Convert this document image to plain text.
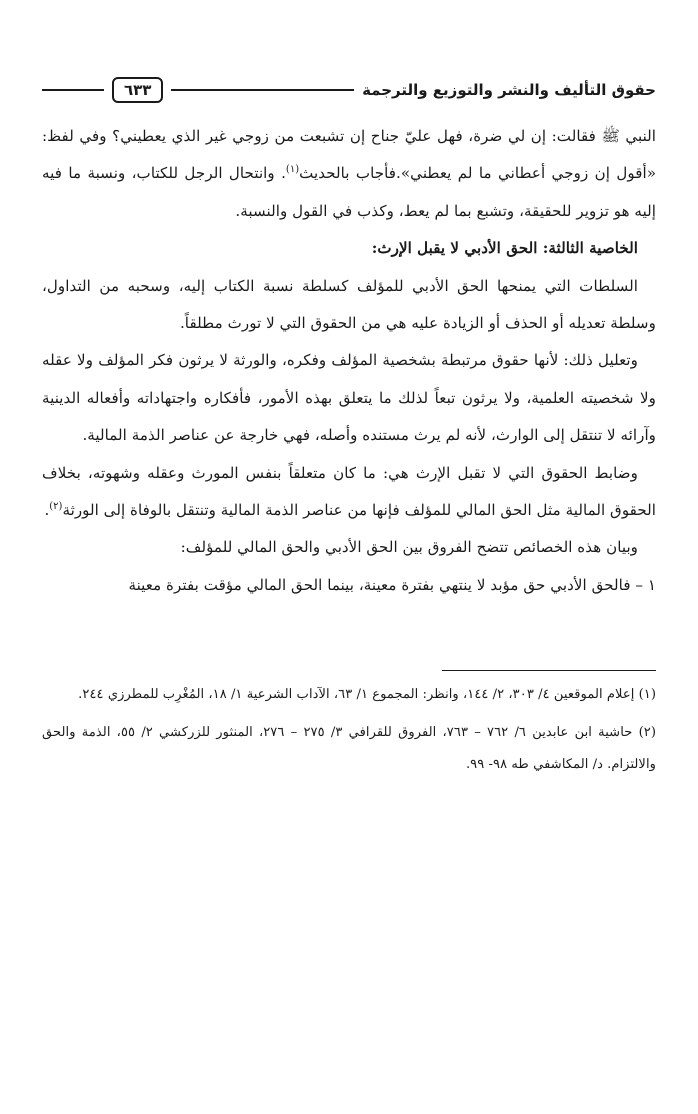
حقوق التأليف والنشر والتوزيع والترجمة
٦٣٣

النبي ﷺ فقالت: إن لي ضرة، فهل عليّ جناح إن تشبعت من زوجي غير الذي يعطيني؟ وفي لفظ: «أقول إن زوجي أعطاني ما لم يعطني».فأجاب بالحديث$^{(١)}$. وانتحال الرجل للكتاب، ونسبة ما فيه إليه هو تزوير للحقيقة، وتشبع بما لم يعط، وكذب في القول والنسبة.

الخاصية الثالثة: الحق الأدبي لا يقبل الإرث:

السلطات التي يمنحها الحق الأدبي للمؤلف كسلطة نسبة الكتاب إليه، وسحبه من التداول، وسلطة تعديله أو الحذف أو الزيادة عليه هي من الحقوق التي لا تورث مطلقاً.

وتعليل ذلك: لأنها حقوق مرتبطة بشخصية المؤلف وفكره، والورثة لا يرثون فكر المؤلف ولا عقله ولا شخصيته العلمية، ولا يرثون تبعاً لذلك ما يتعلق بهذه الأمور، فأفكاره واجتهاداته وأفعاله الدينية وآرائه لا تنتقل إلى الوارث، لأنه لم يرث مستنده وأصله، فهي خارجة عن عناصر الذمة المالية.

وضابط الحقوق التي لا تقبل الإرث هي: ما كان متعلقاً بنفس المورث وعقله وشهوته، بخلاف الحقوق المالية مثل الحق المالي للمؤلف فإنها من عناصر الذمة المالية وتنتقل بالوفاة إلى الورثة$^{(٢)}$.

وبيان هذه الخصائص تتضح الفروق بين الحق الأدبي والحق المالي للمؤلف:

١ – فالحق الأدبي حق مؤبد لا ينتهي بفترة معينة، بينما الحق المالي مؤقت بفترة معينة

(١) إعلام الموقعين ٤/ ٣٠٣، ٢/ ١٤٤، وانظر: المجموع ١/ ٦٣، الآداب الشرعية ١/ ١٨، المُغْرِب للمطرزي ٢٤٤.

(٢) حاشية ابن عابدين ٦/ ٧٦٢ – ٧٦٣، الفروق للقرافي ٣/ ٢٧٥ – ٢٧٦، المنثور للزركشي ٢/ ٥٥، الذمة والحق والالتزام. د/ المكاشفي طه ٩٨- ٩٩.
